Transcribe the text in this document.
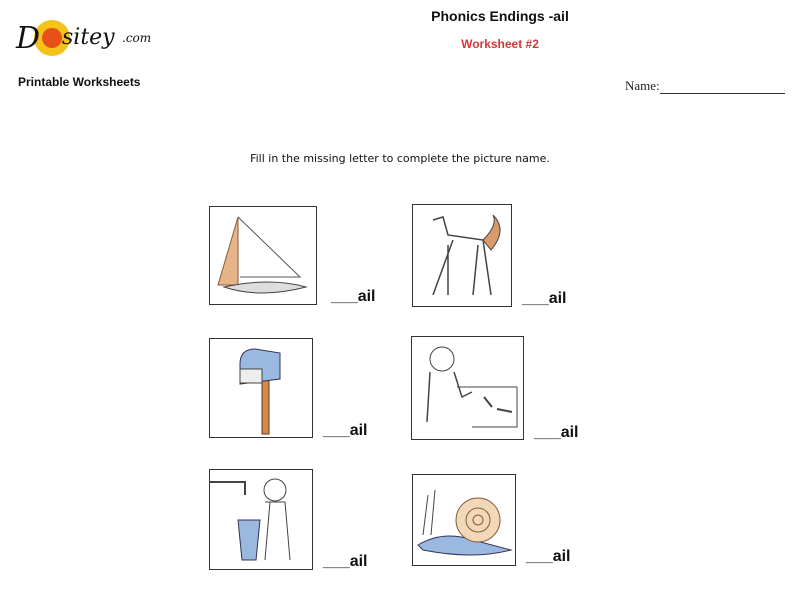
D sitey .com
Phonics Endings -ail
Worksheet #2
Printable Worksheets	Name:
Fill in the missing letter to complete the picture name.
___ail	___ail
___ail	___ail
___ail	___ail
